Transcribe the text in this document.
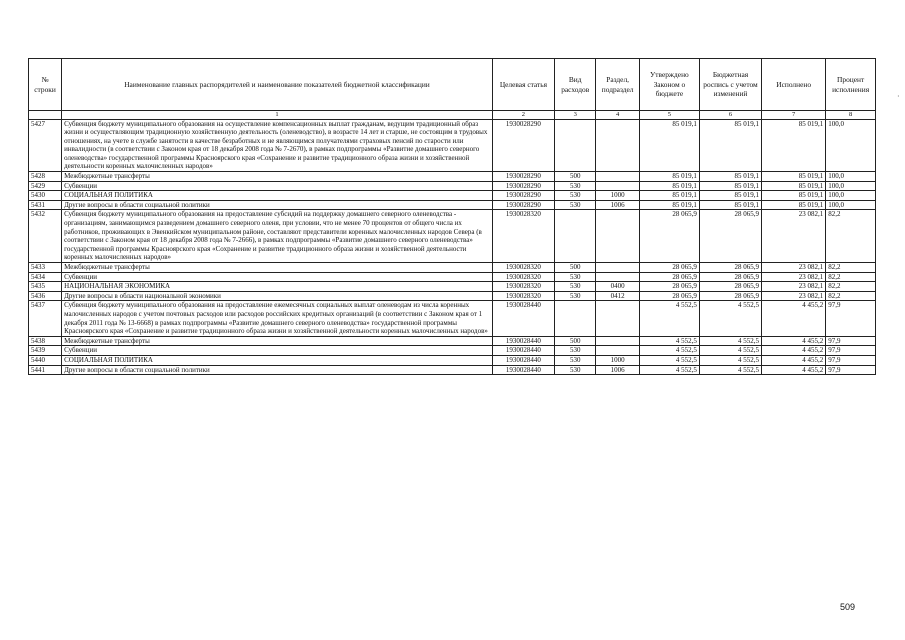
№ строки	Наименование главных распорядителей и наименование показателей бюджетной классификации	Целевая статья	Вид расходов	Раздел, подраздел	Утверждено Законом о бюджете	Бюджетная роспись с учетом изменений	Исполнено	Процент исполнения
	1	2	3	4	5	6	7	8
5427	Субвенция бюджету муниципального образования на осуществление компенсационных выплат гражданам, ведущим традиционный образ жизни и осуществляющим традиционную хозяйственную деятельность (оленеводство), в возрасте 14 лет и старше, не состоящим в трудовых отношениях, на учете в службе занятости в качестве безработных и не являющимся получателями страховых пенсий по старости или инвалидности (в соответствии с Законом края от 18 декабря 2008 года № 7-2670), в рамках подпрограммы «Развитие домашнего северного оленеводства» государственной программы Красноярского края «Сохранение и развитие традиционного образа жизни и хозяйственной деятельности коренных малочисленных народов»	1930028290			85 019,1	85 019,1	85 019,1	100,0
5428	Межбюджетные трансферты	1930028290	500		85 019,1	85 019,1	85 019,1	100,0
5429	Субвенции	1930028290	530		85 019,1	85 019,1	85 019,1	100,0
5430	СОЦИАЛЬНАЯ ПОЛИТИКА	1930028290	530	1000	85 019,1	85 019,1	85 019,1	100,0
5431	Другие вопросы в области социальной политики	1930028290	530	1006	85 019,1	85 019,1	85 019,1	100,0
5432	Субвенция бюджету муниципального образования на предоставление субсидий на поддержку домашнего северного оленеводства - организациям, занимающимся разведением домашнего северного оленя, при условии, что не менее 70 процентов от общего числа их работников, проживающих в Эвенкийском муниципальном районе, составляют представители коренных малочисленных народов Севера (в соответствии с Законом края от 18 декабря 2008 года № 7-2666), в рамках подпрограммы «Развитие домашнего северного оленеводства» государственной программы Красноярского края «Сохранение и развитие традиционного образа жизни и хозяйственной деятельности коренных малочисленных народов»	1930028320			28 065,9	28 065,9	23 082,1	82,2
5433	Межбюджетные трансферты	1930028320	500		28 065,9	28 065,9	23 082,1	82,2
5434	Субвенции	1930028320	530		28 065,9	28 065,9	23 082,1	82,2
5435	НАЦИОНАЛЬНАЯ ЭКОНОМИКА	1930028320	530	0400	28 065,9	28 065,9	23 082,1	82,2
5436	Другие вопросы в области национальной экономики	1930028320	530	0412	28 065,9	28 065,9	23 082,1	82,2
5437	Субвенция бюджету муниципального образования на предоставление ежемесячных социальных выплат оленеводам из числа коренных малочисленных народов с учетом почтовых расходов или расходов российских кредитных организаций (в соответствии с Законом края от 1 декабря 2011 года № 13-6668) в рамках подпрограммы «Развитие домашнего северного оленеводства» государственной программы Красноярского края «Сохранение и развитие традиционного образа жизни и хозяйственной деятельности коренных малочисленных народов»	1930028440			4 552,5	4 552,5	4 455,2	97,9
5438	Межбюджетные трансферты	1930028440	500		4 552,5	4 552,5	4 455,2	97,9
5439	Субвенции	1930028440	530		4 552,5	4 552,5	4 455,2	97,9
5440	СОЦИАЛЬНАЯ ПОЛИТИКА	1930028440	530	1000	4 552,5	4 552,5	4 455,2	97,9
5441	Другие вопросы в области социальной политики	1930028440	530	1006	4 552,5	4 552,5	4 455,2	97,9
509
·
